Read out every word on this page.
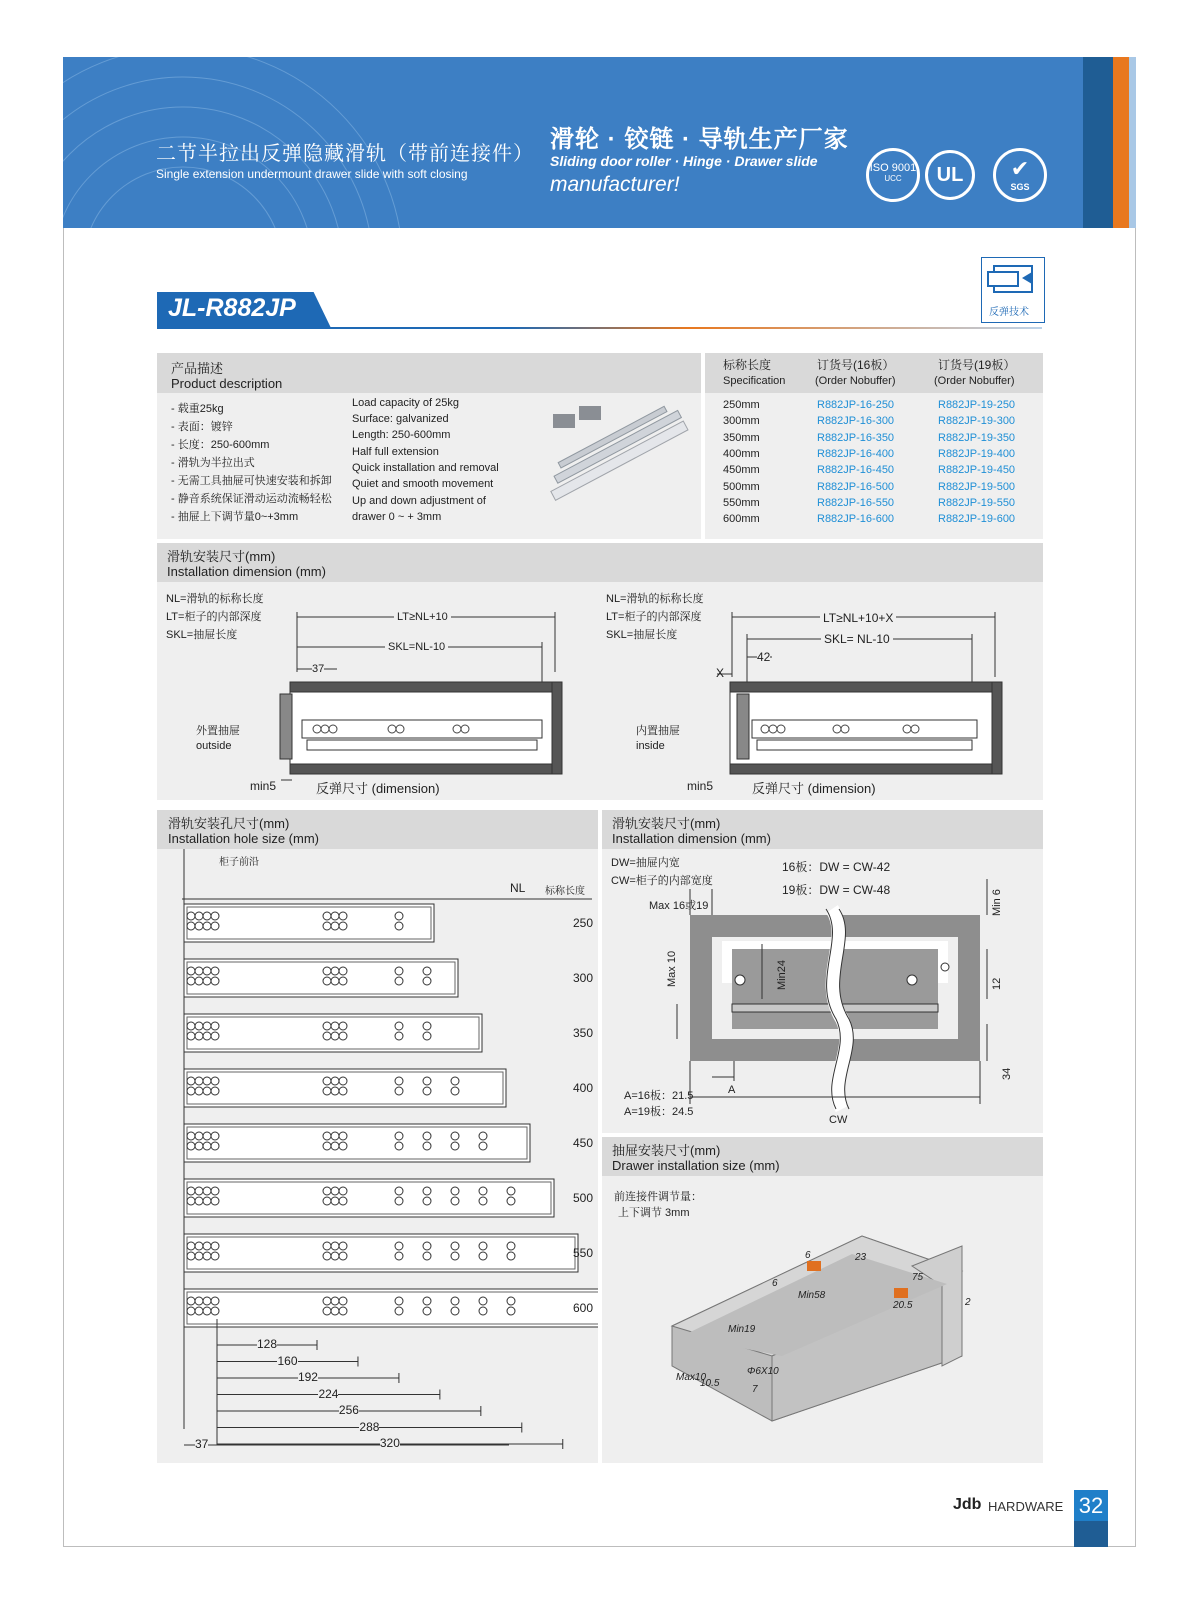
二节半拉出反弹隐藏滑轨（带前连接件）
Single extension undermount drawer slide with soft closing
滑轮 · 铰链 · 导轨生产厂家
Sliding door roller · Hinge · Drawer slide
manufacturer!
ISO 9001
UCC	UL	✔
SGS
JL-R882JP	反弹技术
产品描述
Product description
- 载重25kg
- 表面：镀锌
- 长度：250-600mm
- 滑轨为半拉出式
- 无需工具抽屉可快速安装和拆卸
- 静音系统保证滑动运动流畅轻松
- 抽屉上下调节量0~+3mm
Load capacity of 25kg
Surface: galvanized
Length: 250-600mm
Half full extension
Quick installation and removal
Quiet and smooth movement
Up and down adjustment of
drawer 0 ~ + 3mm
标称长度
Specification
订货号(16板）
(Order Nobuffer)
订货号(19板）
(Order Nobuffer)
250mm	R882JP-16-250	R882JP-19-250
300mm	R882JP-16-300	R882JP-19-300
350mm	R882JP-16-350	R882JP-19-350
400mm	R882JP-16-400	R882JP-19-400
450mm	R882JP-16-450	R882JP-19-450
500mm	R882JP-16-500	R882JP-19-500
550mm	R882JP-16-550	R882JP-19-550
600mm	R882JP-16-600	R882JP-19-600
滑轨安装尺寸(mm)
Installation dimension (mm)
NL=滑轨的标称长度
LT=柜子的内部深度
SKL=抽屉长度
NL=滑轨的标称长度
LT=柜子的内部深度
SKL=抽屉长度
LT≥NL+10
SKL=NL-10
37
外置抽屉
outside
min5	反弹尺寸 (dimension)
LT≥NL+10+X
SKL= NL-10
42
X
内置抽屉
inside
min5	反弹尺寸 (dimension)
滑轨安装孔尺寸(mm)
Installation hole size (mm)
柜子前沿
NL 标称长度
250
300
350
400
450
500
550
600
128
160
192
224
256
288
320
37
滑轨安装尺寸(mm)
Installation dimension (mm)
DW=抽屉内宽
CW=柜子的内部宽度
16板：DW = CW-42
19板：DW = CW-48
Max 16或19
Max 10	Min24
Min 6
12
34
A=16板：21.5
A=19板：24.5
A
CW
抽屉安装尺寸(mm)
Drawer installation size (mm)
前连接件调节量：
上下调节 3mm
6	23
6
Min58
75
20.5	2
Min19
Max10
10.5
Φ6X10
7
Jdb HARDWARE 32
